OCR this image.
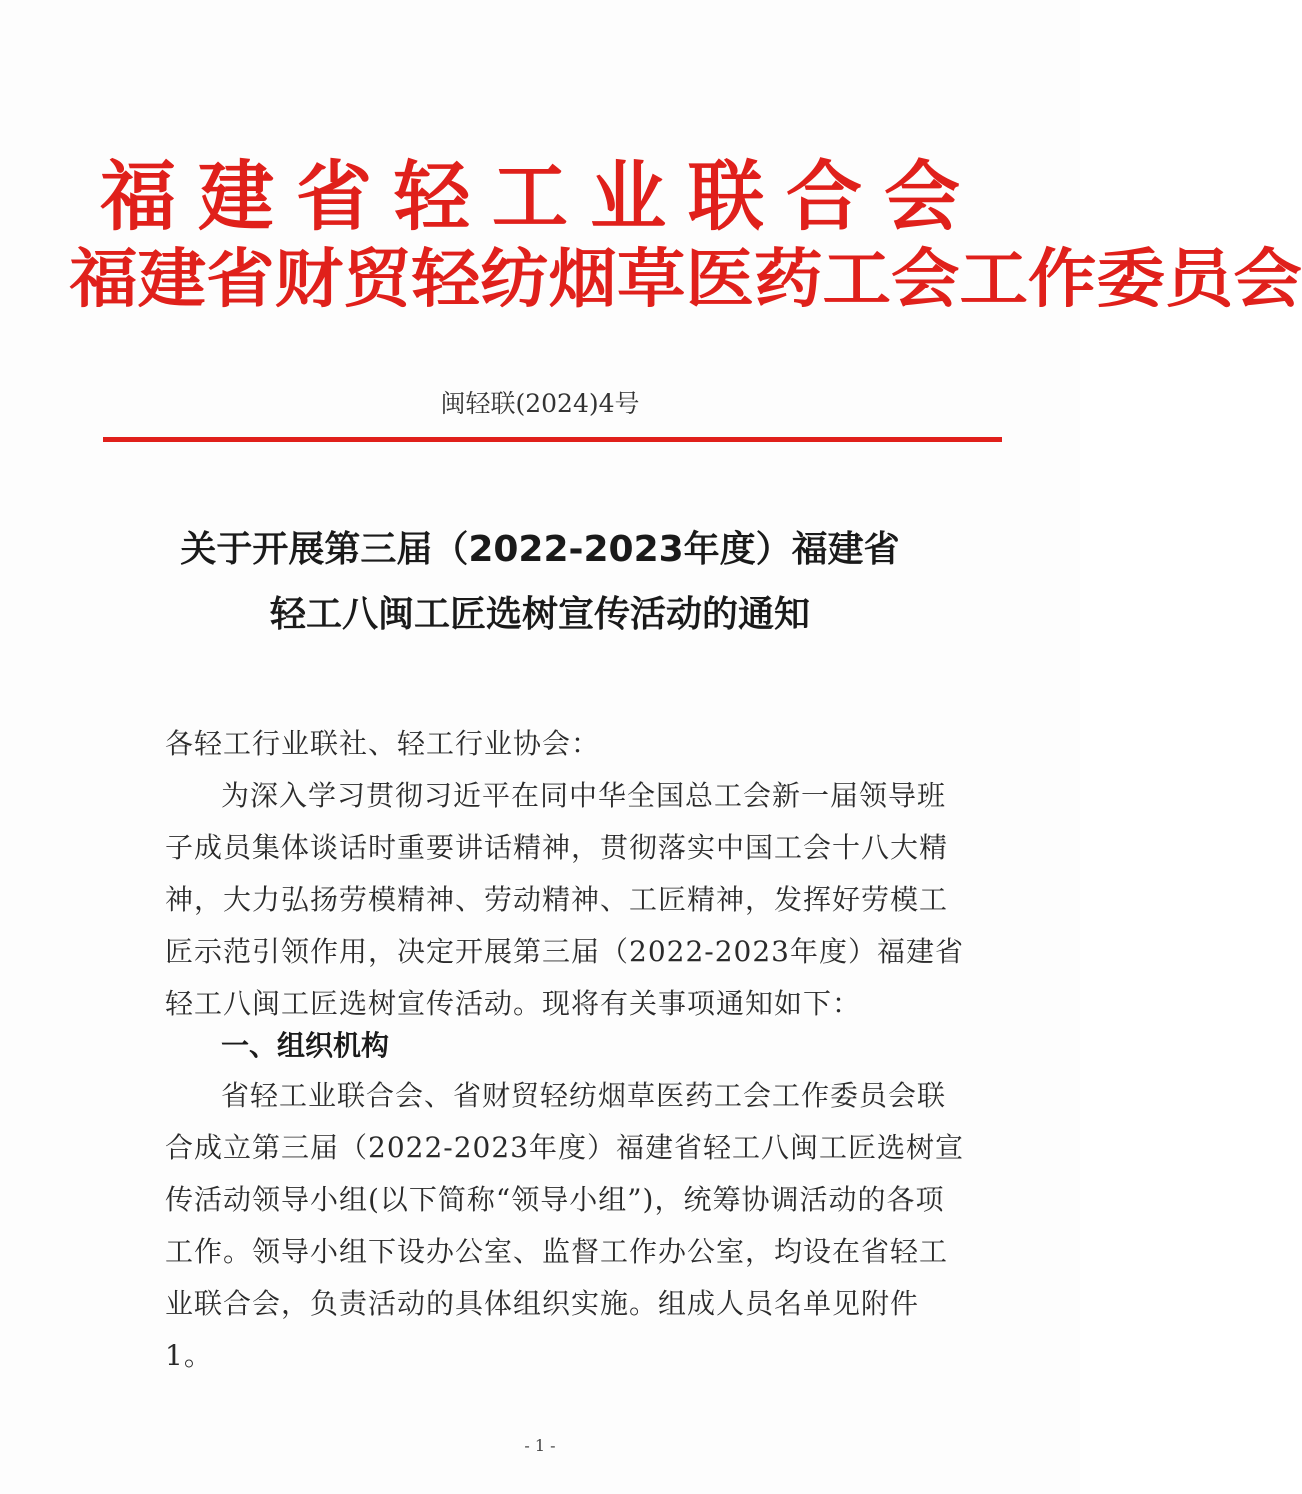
福建省轻工业联合会
福建省财贸轻纺烟草医药工会工作委员会
闽轻联(2024)4号
关于开展第三届（2022-2023年度）福建省
轻工八闽工匠选树宣传活动的通知
各轻工行业联社、轻工行业协会：

为深入学习贯彻习近平在同中华全国总工会新一届领导班子成员集体谈话时重要讲话精神，贯彻落实中国工会十八大精神，大力弘扬劳模精神、劳动精神、工匠精神，发挥好劳模工匠示范引领作用，决定开展第三届（2022-2023年度）福建省轻工八闽工匠选树宣传活动。现将有关事项通知如下：

一、组织机构

省轻工业联合会、省财贸轻纺烟草医药工会工作委员会联合成立第三届（2022-2023年度）福建省轻工八闽工匠选树宣传活动领导小组(以下简称“领导小组”)，统筹协调活动的各项工作。领导小组下设办公室、监督工作办公室，均设在省轻工业联合会，负责活动的具体组织实施。组成人员名单见附件1。

- 1 -
